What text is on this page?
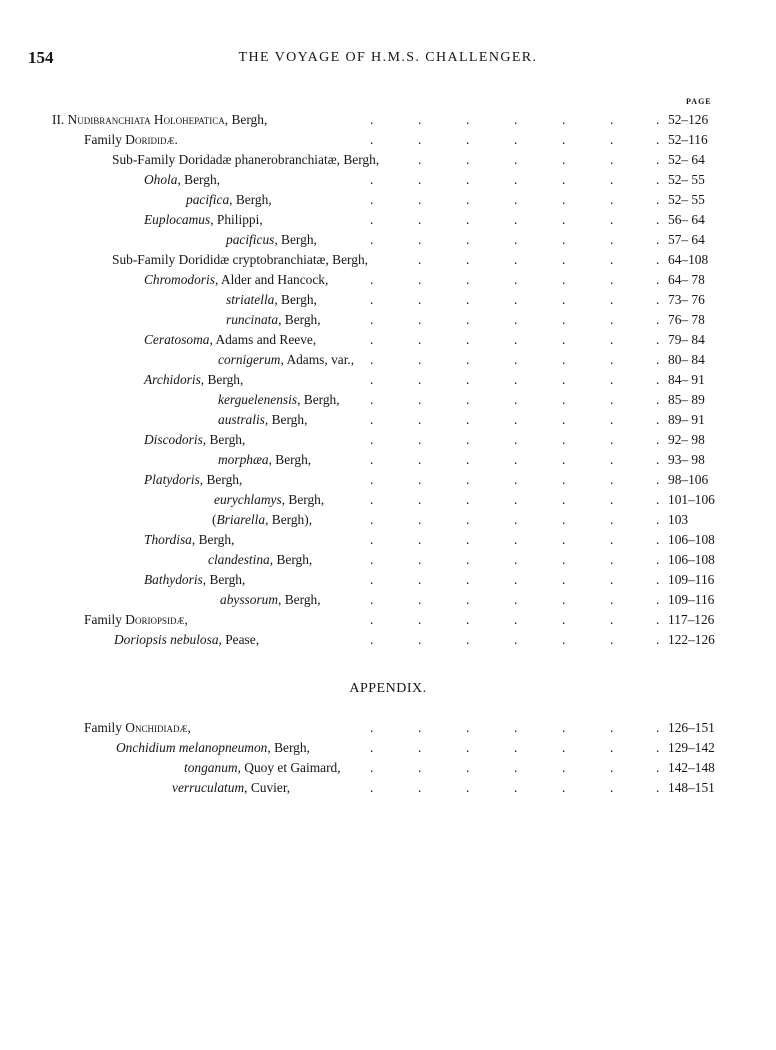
154	THE VOYAGE OF H.M.S. CHALLENGER.
PAGE
II. Nudibranchiata Holohepatica, Bergh,	.	.	.	.	.	.	. 52–126
Family Dorididæ.	.	.	.	.	.	.	. 52–116
Sub-Family Doridadæ phanerobranchiatæ, Bergh,	.	.	.	.	.	. 52– 64
Ohola, Bergh,	.	.	.	.	.	.	. 52– 55
pacifica, Bergh,	.	.	.	.	.	.	. 52– 55
Euplocamus, Philippi,	.	.	.	.	.	.	. 56– 64
pacificus, Bergh,	.	.	.	.	.	.	. 57– 64
Sub-Family Dorididæ cryptobranchiatæ, Bergh,	.	.	.	.	.	. 64–108
Chromodoris, Alder and Hancock,	.	.	.	.	.	.	. 64– 78
striatella, Bergh,	.	.	.	.	.	.	. 73– 76
runcinata, Bergh,	.	.	.	.	.	.	. 76– 78
Ceratosoma, Adams and Reeve,	.	.	.	.	.	.	. 79– 84
cornigerum, Adams, var., .	.	.	.	.	.	. 80– 84
Archidoris, Bergh,	.	.	.	.	.	.	. 84– 91
kerguelenensis, Bergh, .	.	.	.	.	.	. 85– 89
australis, Bergh,	.	.	.	.	.	.	. 89– 91
Discodoris, Bergh,	.	.	.	.	.	.	. 92– 98
morphæa, Bergh,	.	.	.	.	.	.	. 93– 98
Platydoris, Bergh,	.	.	.	.	.	.	. 98–106
eurychlamys, Bergh,	.	.	.	.	.	.	. 101–106
(Briarella, Bergh),	.	.	.	.	.	.	. 103
Thordisa, Bergh,	.	.	.	.	.	.	. 106–108
clandestina, Bergh,	.	.	.	.	.	.	. 106–108
Bathydoris, Bergh,	.	.	.	.	.	.	. 109–116
abyssorum, Bergh,	.	.	.	.	.	.	. 109–116
Family Doriopsidæ,	.	.	.	.	.	.	. 117–126
Doriopsis nebulosa, Pease,	.	.	.	.	.	.	. 122–126
APPENDIX.
Family Onchidiadæ,	.	.	.	.	.	.	. 126–151
Onchidium melanopneumon, Bergh,	.	.	.	.	.	.	. 129–142
tonganum, Quoy et Gaimard, .	.	.	.	.	.	. 142–148
verruculatum, Cuvier,	.	.	.	.	.	.	. 148–151
